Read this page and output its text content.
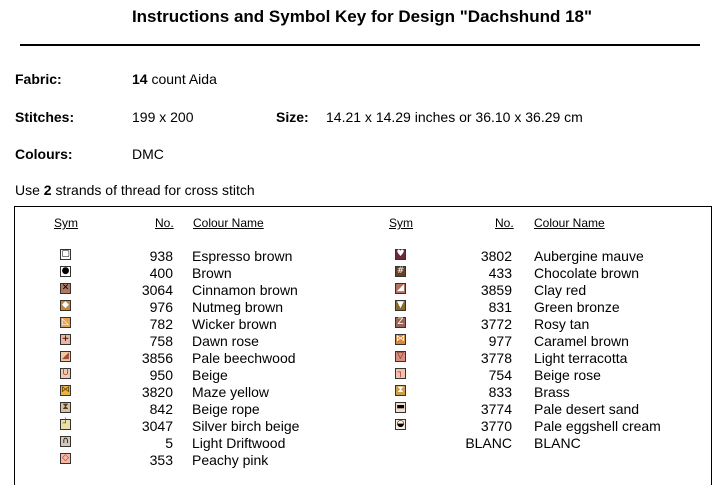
Instructions and Symbol Key for Design "Dachshund 18"
Fabric:	14 count Aida
Stitches:	199 x 200	Size: 14.21 x 14.29 inches or 36.10 x 36.29 cm
Colours:	DMC
Use 2 strands of thread for cross stitch
Sym	No. Colour Name	Sym	No. Colour Name
▢	938 Espresso brown
●	400 Brown
✕	3064 Cinnamon brown
◆	976 Nutmeg brown
◺	782 Wicker brown
+	758 Dawn rose
◢	3856 Pale beechwood
U	950 Beige
⋈	3820 Maze yellow
⧗	842 Beige rope
┘	3047 Silver birch beige
∩	5 Light Driftwood
◇	353 Peachy pink
♥	3802 Aubergine mauve
#	433 Chocolate brown
◢	3859 Clay red
▼	831 Green bronze
Z	3772 Rosy tan
⋈	977 Caramel brown
▽	3778 Light terracotta
┐	754 Beige rose
⧗	833 Brass
▬	3774 Pale desert sand
◒	3770 Pale eggshell cream
BLANC BLANC
